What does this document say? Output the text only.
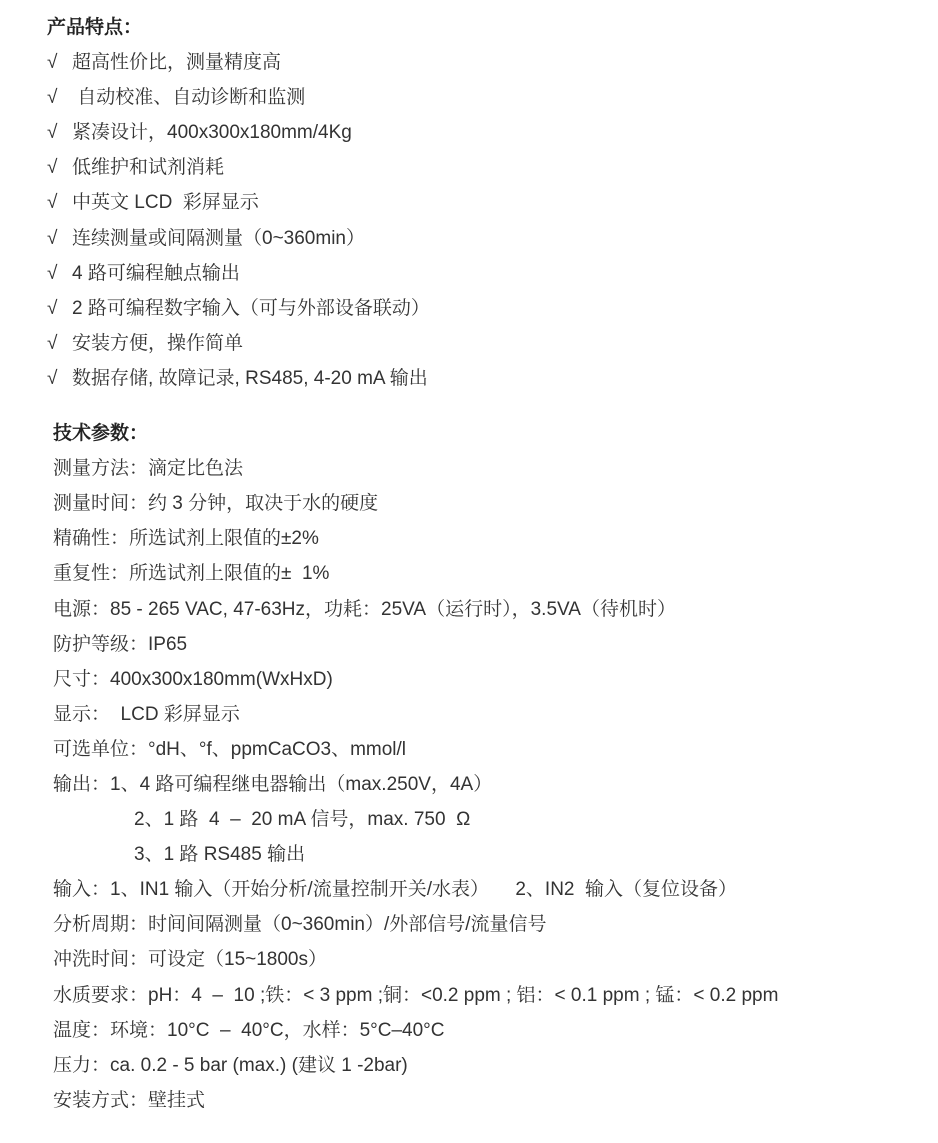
产品特点：
√ 超高性价比，测量精度高
√ 自动校准、自动诊断和监测
√ 紧凑设计，400x300x180mm/4Kg
√ 低维护和试剂消耗
√ 中英文 LCD  彩屏显示
√ 连续测量或间隔测量（0~360min）
√ 4 路可编程触点输出
√ 2 路可编程数字输入（可与外部设备联动）
√ 安装方便，操作简单
√ 数据存储, 故障记录, RS485, 4-20 mA 输出
技术参数：
测量方法：滴定比色法
测量时间：约 3 分钟，取决于水的硬度
精确性：所选试剂上限值的±2%
重复性：所选试剂上限值的±  1%
电源：85 - 265 VAC, 47-63Hz，功耗：25VA（运行时），3.5VA（待机时）
防护等级：IP65
尺寸：400x300x180mm(WxHxD)
显示：  LCD 彩屏显示
可选单位：°dH、°f、ppmCaCO3、mmol/l
输出：1、4 路可编程继电器输出（max.250V，4A）
2、1 路  4  –  20 mA 信号，max. 750  Ω
3、1 路 RS485 输出
输入：1、IN1 输入（开始分析/流量控制开关/水表）     2、IN2  输入（复位设备）
分析周期：时间间隔测量（0~360min）/外部信号/流量信号
冲洗时间：可设定（15~1800s）
水质要求：pH：4  –  10 ;铁：< 3 ppm ;铜：<0.2 ppm ; 铝：< 0.1 ppm ; 锰：< 0.2 ppm
温度：环境：10°C  –  40°C，水样：5°C–40°C
压力：ca. 0.2 - 5 bar (max.) (建议 1 -2bar)
安装方式：壁挂式
